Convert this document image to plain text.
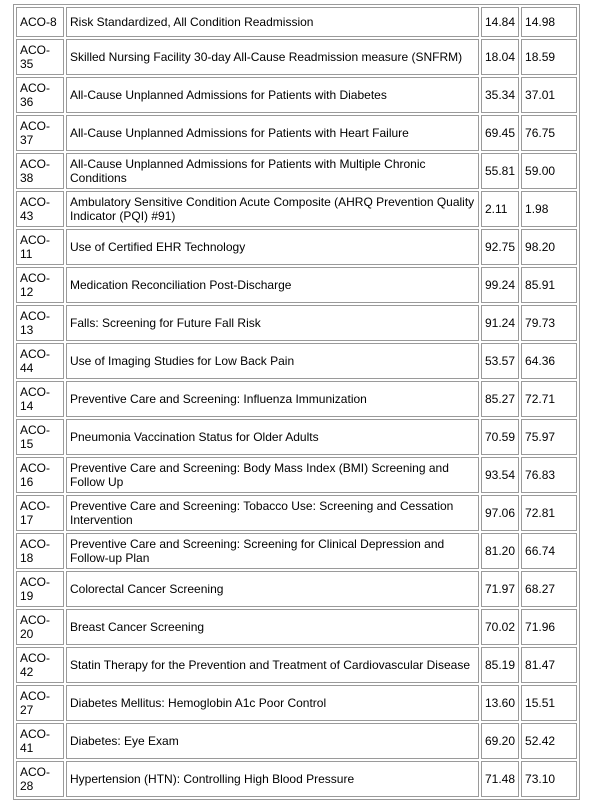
ACO-8	Risk Standardized, All Condition Readmission	14.84	14.98
ACO-35	Skilled Nursing Facility 30-day All-Cause Readmission measure (SNFRM)	18.04	18.59
ACO-36	All-Cause Unplanned Admissions for Patients with Diabetes	35.34	37.01
ACO-37	All-Cause Unplanned Admissions for Patients with Heart Failure	69.45	76.75
ACO-38	All-Cause Unplanned Admissions for Patients with Multiple Chronic Conditions	55.81	59.00
ACO-43	Ambulatory Sensitive Condition Acute Composite (AHRQ Prevention Quality Indicator (PQI) #91)	2.11	1.98
ACO-11	Use of Certified EHR Technology	92.75	98.20
ACO-12	Medication Reconciliation Post-Discharge	99.24	85.91
ACO-13	Falls: Screening for Future Fall Risk	91.24	79.73
ACO-44	Use of Imaging Studies for Low Back Pain	53.57	64.36
ACO-14	Preventive Care and Screening: Influenza Immunization	85.27	72.71
ACO-15	Pneumonia Vaccination Status for Older Adults	70.59	75.97
ACO-16	Preventive Care and Screening: Body Mass Index (BMI) Screening and Follow Up	93.54	76.83
ACO-17	Preventive Care and Screening: Tobacco Use: Screening and Cessation Intervention	97.06	72.81
ACO-18	Preventive Care and Screening: Screening for Clinical Depression and Follow-up Plan	81.20	66.74
ACO-19	Colorectal Cancer Screening	71.97	68.27
ACO-20	Breast Cancer Screening	70.02	71.96
ACO-42	Statin Therapy for the Prevention and Treatment of Cardiovascular Disease	85.19	81.47
ACO-27	Diabetes Mellitus: Hemoglobin A1c Poor Control	13.60	15.51
ACO-41	Diabetes: Eye Exam	69.20	52.42
ACO-28	Hypertension (HTN): Controlling High Blood Pressure	71.48	73.10
